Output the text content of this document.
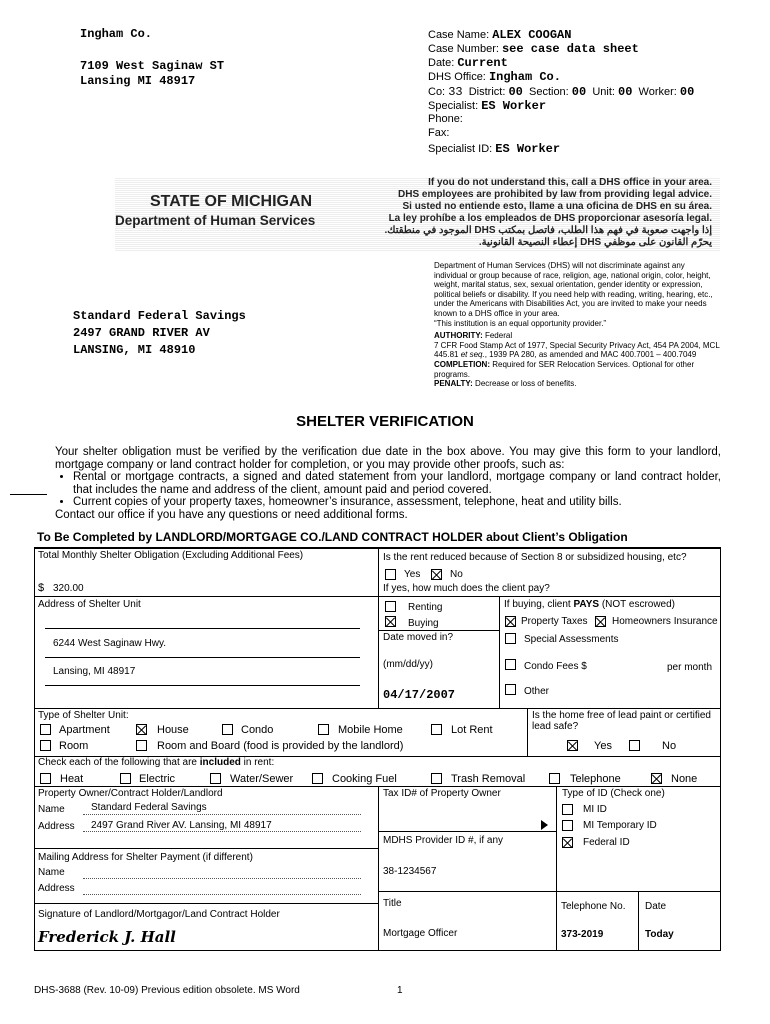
Ingham Co.
7109 West Saginaw ST
Lansing MI 48917
Case Name: ALEX COOGAN
Case Number: see case data sheet
Date: Current
DHS Office: Ingham Co.
Co: 33 District: 00 Section: 00 Unit: 00 Worker: 00
Specialist: ES Worker
Phone:
Fax:
Specialist ID: ES Worker
STATE OF MICHIGAN
Department of Human Services
If you do not understand this, call a DHS office in your area.
DHS employees are prohibited by law from providing legal advice.
Si usted no entiende esto, llame a una oficina de DHS en su área.
La ley prohíbe a los empleados de DHS proporcionar asesoría legal.
إذا واجهت صعوبة في فهم هذا الطلب، فاتصل بمكتب DHS الموجود في منطقتك.
يحرّم القانون على موظفي DHS إعطاء النصيحة القانونية.
Standard Federal Savings
2497 GRAND RIVER AV
LANSING, MI 48910
Department of Human Services (DHS) will not discriminate against any individual or group because of race, religion, age, national origin, color, height, weight, marital status, sex, sexual orientation, gender identity or expression, political beliefs or disability. If you need help with reading, writing, hearing, etc., under the Americans with Disabilities Act, you are invited to make your needs known to a DHS office in your area.
“This institution is an equal opportunity provider.”
AUTHORITY: Federal
7 CFR Food Stamp Act of 1977, Special Security Privacy Act, 454 PA 2004, MCL 445.81 et seq., 1939 PA 280, as amended and MAC 400.7001 – 400.7049
COMPLETION: Required for SER Relocation Services. Optional for other programs.
PENALTY: Decrease or loss of benefits.
SHELTER VERIFICATION

Your shelter obligation must be verified by the verification due date in the box above. You may give this form to your landlord, mortgage company or land contract holder for completion, or you may provide other proofs, such as:

• Rental or mortgage contracts, a signed and dated statement from your landlord, mortgage company or land contract holder, that includes the name and address of the client, amount paid and period covered.
• Current copies of your property taxes, homeowner’s insurance, assessment, telephone, heat and utility bills.

Contact our office if you have any questions or need additional forms.

To Be Completed by LANDLORD/MORTGAGE CO./LAND CONTRACT HOLDER about Client’s Obligation
Total Monthly Shelter Obligation (Excluding Additional Fees)
$ 320.00
Is the rent reduced because of Section 8 or subsidized housing, etc?
Yes	No
If yes, how much does the client pay?
Address of Shelter Unit
6244 West Saginaw Hwy.
Lansing, MI 48917
Renting
Buying
Date moved in?
(mm/dd/yy)
04/17/2007
If buying, client PAYS (NOT escrowed)
Property Taxes Homeowners Insurance
Special Assessments
Condo Fees $	per month
Other
Type of Shelter Unit:
Apartment	House	Condo	Mobile Home	Lot Rent
Room	Room and Board (food is provided by the landlord)
Is the home free of lead paint or certified lead safe?
Yes	No
Check each of the following that are included in rent:
Heat	Electric	Water/Sewer	Cooking Fuel	Trash Removal	Telephone	None
Property Owner/Contract Holder/Landlord
Name	Standard Federal Savings
Address 2497 Grand River AV. Lansing, MI 48917
Tax ID# of Property Owner
MDHS Provider ID #, if any
38-1234567
Type of ID (Check one)
MI ID
MI Temporary ID
Federal ID
Mailing Address for Shelter Payment (if different)
Name
Address
Signature of Landlord/Mortgagor/Land Contract Holder
Frederick J. Hall
Title
Mortgage Officer
Telephone No.
373-2019
Date
Today
DHS-3688 (Rev. 10-09) Previous edition obsolete. MS Word	1
